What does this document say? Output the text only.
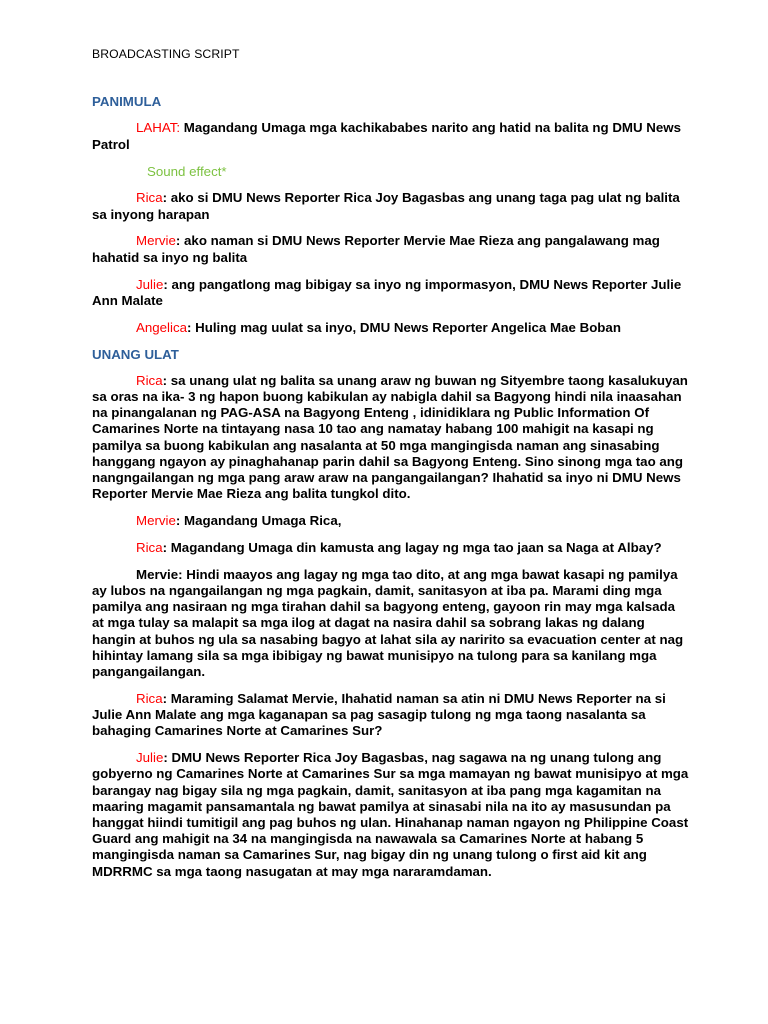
BROADCASTING SCRIPT
PANIMULA

LAHAT: Magandang Umaga mga kachikababes narito ang hatid na balita ng DMU News Patrol

Sound effect*

Rica: ako si DMU News Reporter Rica Joy Bagasbas ang unang taga pag ulat ng balita sa inyong harapan

Mervie: ako naman si DMU News Reporter Mervie Mae Rieza ang pangalawang mag hahatid sa inyo ng balita

Julie: ang pangatlong mag bibigay sa inyo ng impormasyon, DMU News Reporter Julie Ann Malate

Angelica: Huling mag uulat sa inyo, DMU News Reporter Angelica Mae Boban

UNANG ULAT

Rica: sa unang ulat ng balita sa unang araw ng buwan ng Sityembre taong kasalukuyan sa oras na ika- 3 ng hapon buong kabikulan ay nabigla dahil sa Bagyong hindi nila inaasahan na pinangalanan ng PAG-ASA na Bagyong Enteng , idinidiklara ng Public Information Of Camarines Norte na tintayang nasa 10 tao ang namatay habang 100 mahigit na kasapi ng pamilya sa buong kabikulan ang nasalanta at 50 mga mangingisda naman ang sinasabing hanggang ngayon ay pinaghahanap parin dahil sa Bagyong Enteng. Sino sinong mga tao ang nangngailangan ng mga pang araw araw na pangangailangan? Ihahatid sa inyo ni DMU News Reporter Mervie Mae Rieza ang balita tungkol dito.

Mervie: Magandang Umaga Rica,

Rica: Magandang Umaga din kamusta ang lagay ng mga tao jaan sa Naga at Albay?

Mervie: Hindi maayos ang lagay ng mga tao dito, at ang mga bawat kasapi ng pamilya ay lubos na ngangailangan ng mga pagkain, damit, sanitasyon at iba pa. Marami ding mga pamilya ang nasiraan ng mga tirahan dahil sa bagyong enteng, gayoon rin may mga kalsada at mga tulay sa malapit sa mga ilog at dagat na nasira dahil sa sobrang lakas ng dalang hangin at buhos ng ula sa nasabing bagyo at lahat sila ay naririto sa evacuation center at nag hihintay lamang sila sa mga ibibigay ng bawat munisipyo na tulong para sa kanilang mga pangangailangan.

Rica: Maraming Salamat Mervie, Ihahatid naman sa atin ni DMU News Reporter na si Julie Ann Malate ang mga kaganapan sa pag sasagip tulong ng mga taong nasalanta sa bahaging Camarines Norte at Camarines Sur?

Julie: DMU News Reporter Rica Joy Bagasbas, nag sagawa na ng unang tulong ang gobyerno ng Camarines Norte at Camarines Sur sa mga mamayan ng bawat munisipyo at mga barangay nag bigay sila ng mga pagkain, damit, sanitasyon at iba pang mga kagamitan na maaring magamit pansamantala ng bawat pamilya at sinasabi nila na ito ay masusundan pa hanggat hiindi tumitigil ang pag buhos ng ulan. Hinahanap naman ngayon ng Philippine Coast Guard ang mahigit na 34 na mangingisda na nawawala sa Camarines Norte at habang 5 mangingisda naman sa Camarines Sur, nag bigay din ng unang tulong o first aid kit ang MDRRMC sa mga taong nasugatan at may mga nararamdaman.
